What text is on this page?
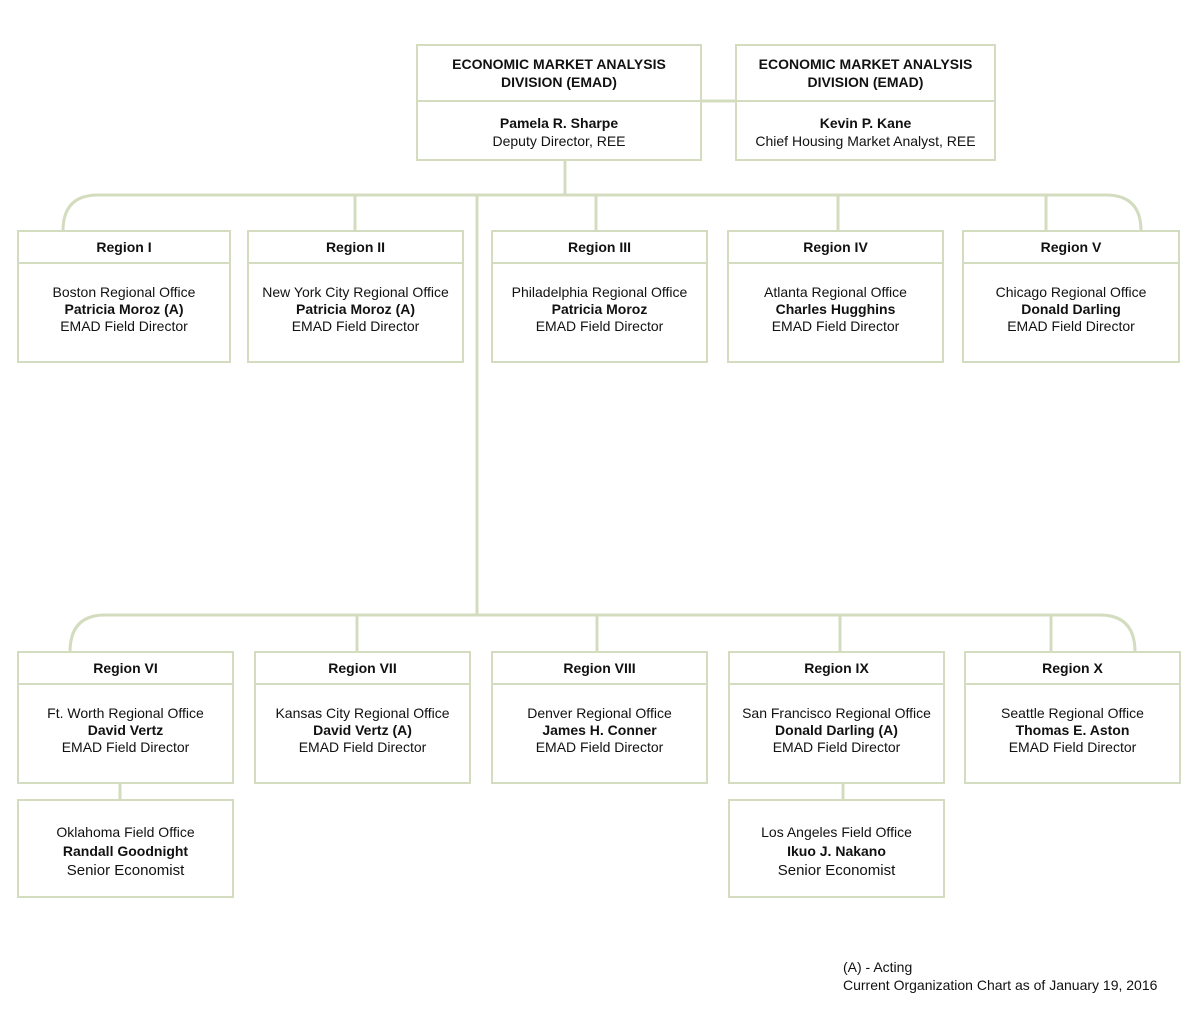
ECONOMIC MARKET ANALYSIS DIVISION (EMAD)
Pamela R. Sharpe
Deputy Director, REE
ECONOMIC MARKET ANALYSIS DIVISION (EMAD)
Kevin P. Kane
Chief Housing Market Analyst, REE
Region I
Boston Regional Office
Patricia Moroz (A)
EMAD Field Director
Region II
New York City Regional Office
Patricia Moroz (A)
EMAD Field Director
Region III
Philadelphia Regional Office
Patricia Moroz
EMAD Field Director
Region IV
Atlanta Regional Office
Charles Hugghins
EMAD Field Director
Region V
Chicago Regional Office
Donald Darling
EMAD Field Director
Region VI
Ft. Worth Regional Office
David Vertz
EMAD Field Director
Region VII
Kansas City Regional Office
David Vertz (A)
EMAD Field Director
Region VIII
Denver Regional Office
James H. Conner
EMAD Field Director
Region IX
San Francisco Regional Office
Donald Darling (A)
EMAD Field Director
Region X
Seattle Regional Office
Thomas E. Aston
EMAD Field Director
Oklahoma Field Office
Randall Goodnight
Senior Economist
Los Angeles Field Office
Ikuo J. Nakano
Senior Economist
(A) - Acting
Current Organization Chart as of January 19, 2016
